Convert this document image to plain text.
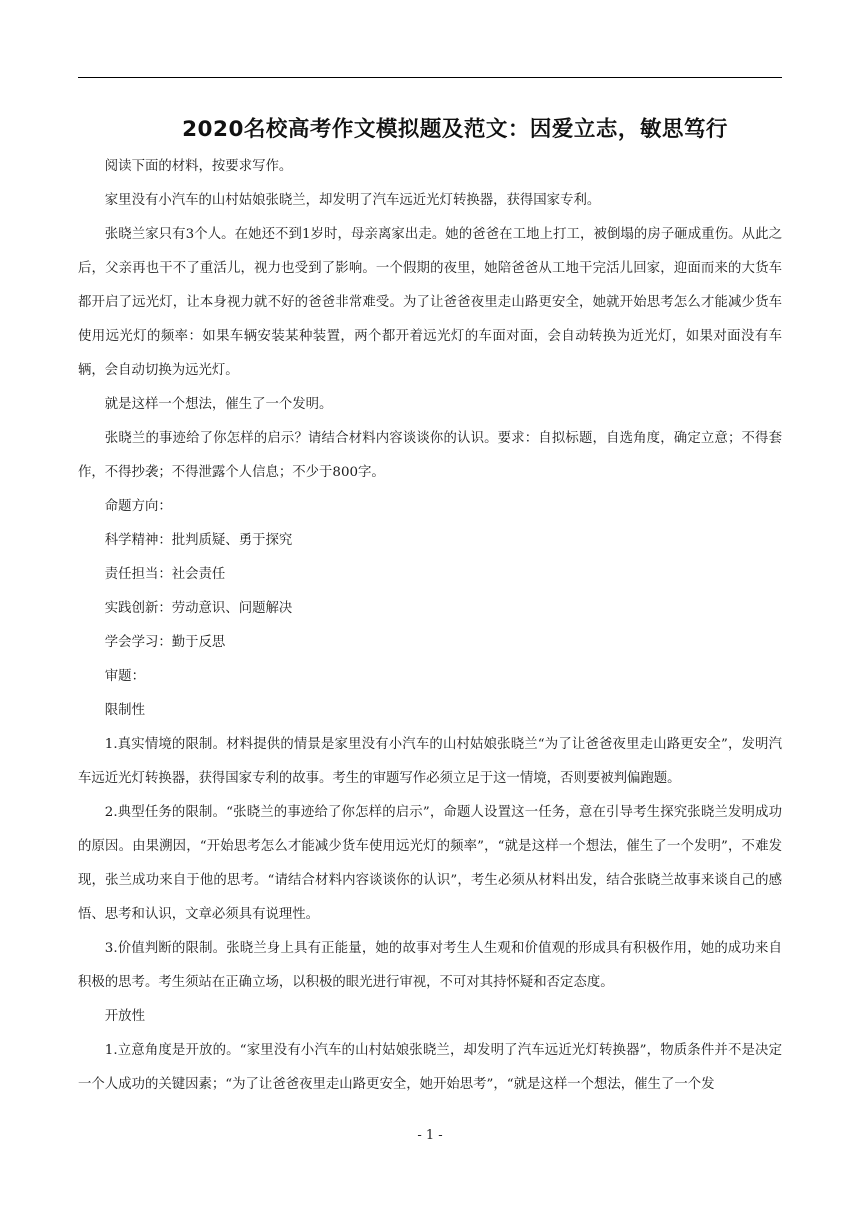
2020名校高考作文模拟题及范文：因爱立志，敏思笃行

阅读下面的材料，按要求写作。

家里没有小汽车的山村姑娘张晓兰，却发明了汽车远近光灯转换器，获得国家专利。

张晓兰家只有3个人。在她还不到1岁时，母亲离家出走。她的爸爸在工地上打工，被倒塌的房子砸成重伤。从此之后，父亲再也干不了重活儿，视力也受到了影响。一个假期的夜里，她陪爸爸从工地干完活儿回家，迎面而来的大货车都开启了远光灯，让本身视力就不好的爸爸非常难受。为了让爸爸夜里走山路更安全，她就开始思考怎么才能减少货车使用远光灯的频率：如果车辆安装某种装置，两个都开着远光灯的车面对面，会自动转换为近光灯，如果对面没有车辆，会自动切换为远光灯。

就是这样一个想法，催生了一个发明。

张晓兰的事迹给了你怎样的启示？请结合材料内容谈谈你的认识。要求：自拟标题，自选角度，确定立意；不得套作，不得抄袭；不得泄露个人信息；不少于800字。

命题方向：

科学精神：批判质疑、勇于探究

责任担当：社会责任

实践创新：劳动意识、问题解决

学会学习：勤于反思

审题：

限制性

1.真实情境的限制。材料提供的情景是家里没有小汽车的山村姑娘张晓兰“为了让爸爸夜里走山路更安全”，发明汽车远近光灯转换器，获得国家专利的故事。考生的审题写作必须立足于这一情境，否则要被判偏跑题。

2.典型任务的限制。“张晓兰的事迹给了你怎样的启示”，命题人设置这一任务，意在引导考生探究张晓兰发明成功的原因。由果溯因，“开始思考怎么才能减少货车使用远光灯的频率”，“就是这样一个想法，催生了一个发明”，不难发现，张兰成功来自于他的思考。“请结合材料内容谈谈你的认识”，考生必须从材料出发，结合张晓兰故事来谈自己的感悟、思考和认识，文章必须具有说理性。

3.价值判断的限制。张晓兰身上具有正能量，她的故事对考生人生观和价值观的形成具有积极作用，她的成功来自积极的思考。考生须站在正确立场，以积极的眼光进行审视，不可对其持怀疑和否定态度。

开放性

1.立意角度是开放的。“家里没有小汽车的山村姑娘张晓兰，却发明了汽车远近光灯转换器”，物质条件并不是决定一个人成功的关键因素；“为了让爸爸夜里走山路更安全，她开始思考”，“就是这样一个想法，催生了一个发

- 1 -
